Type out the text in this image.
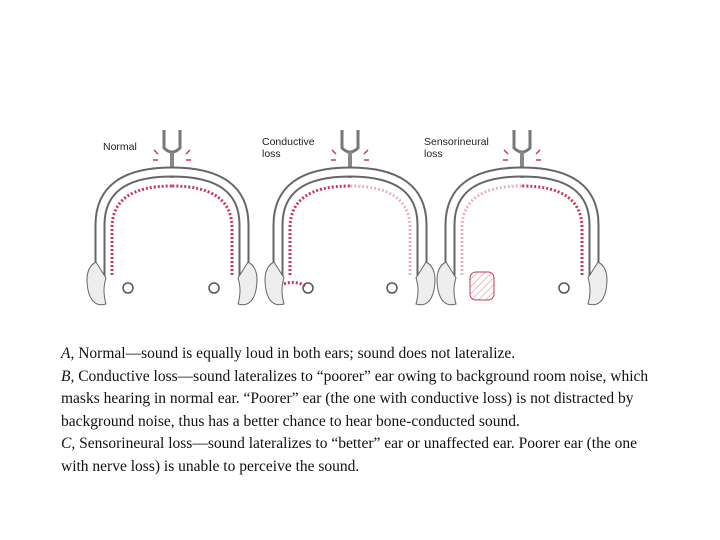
Normal	Conductive
loss
Sensorineural
loss

A, Normal—sound is equally loud in both ears; sound does not lateralize.

B, Conductive loss—sound lateralizes to “poorer” ear owing to background room noise, which masks hearing in normal ear. “Poorer” ear (the one with conductive loss) is not distracted by background noise, thus has a better chance to hear bone-conducted sound.

C, Sensorineural loss—sound lateralizes to “better” ear or unaffected ear. Poorer ear (the one with nerve loss) is unable to perceive the sound.
